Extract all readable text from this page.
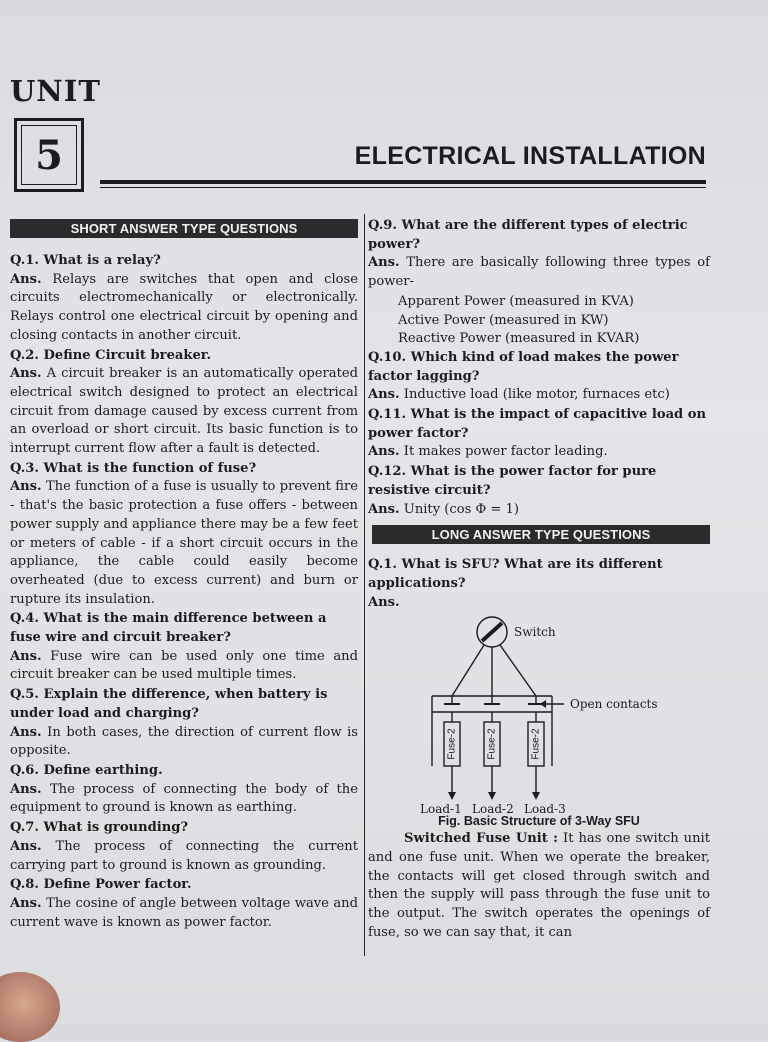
UNIT
5	ELECTRICAL INSTALLATION
SHORT ANSWER TYPE QUESTIONS

Q.1. What is a relay?

Ans. Relays are switches that open and close circuits electromechanically or electronically. Relays control one electrical circuit by opening and closing contacts in another circuit.

Q.2. Define Circuit breaker.

Ans. A circuit breaker is an automatically operated electrical switch designed to protect an electrical circuit from damage caused by excess current from an overload or short circuit. Its basic function is to interrupt current flow after a fault is detected.

Q.3. What is the function of fuse?

Ans. The function of a fuse is usually to prevent fire - that's the basic protection a fuse offers - between power supply and appliance there may be a few feet or meters of cable - if a short circuit occurs in the appliance, the cable could easily become overheated (due to excess current) and burn or rupture its insulation.

Q.4. What is the main difference between a fuse wire and circuit breaker?

Ans. Fuse wire can be used only one time and circuit breaker can be used multiple times.

Q.5. Explain the difference, when battery is under load and charging?

Ans. In both cases, the direction of current flow is opposite.

Q.6. Define earthing.

Ans. The process of connecting the body of the equipment to ground is known as earthing.

Q.7. What is grounding?

Ans. The process of connecting the current carrying part to ground is known as grounding.

Q.8. Define Power factor.

Ans. The cosine of angle between voltage wave and current wave is known as power factor.

Q.9. What are the different types of electric power?

Ans. There are basically following three types of power-

Apparent Power (measured in KVA)

Active Power (measured in KW)

Reactive Power (measured in KVAR)

Q.10. Which kind of load makes the power factor lagging?

Ans. Inductive load (like motor, furnaces etc)

Q.11. What is the impact of capacitive load on power factor?

Ans. It makes power factor leading.

Q.12. What is the power factor for pure resistive circuit?

Ans. Unity (cos Φ = 1)

LONG ANSWER TYPE QUESTIONS

Q.1. What is SFU? What are its different applications?

Ans.

Fuse-2	Fuse-2	Fuse-2
Switch
Open contacts
Load-1 Load-2 Load-3

Fig. Basic Structure of 3-Way SFU

Switched Fuse Unit : It has one switch unit and one fuse unit. When we operate the breaker, the contacts will get closed through switch and then the supply will pass through the fuse unit to the output. The switch operates the openings of fuse, so we can say that, it can
